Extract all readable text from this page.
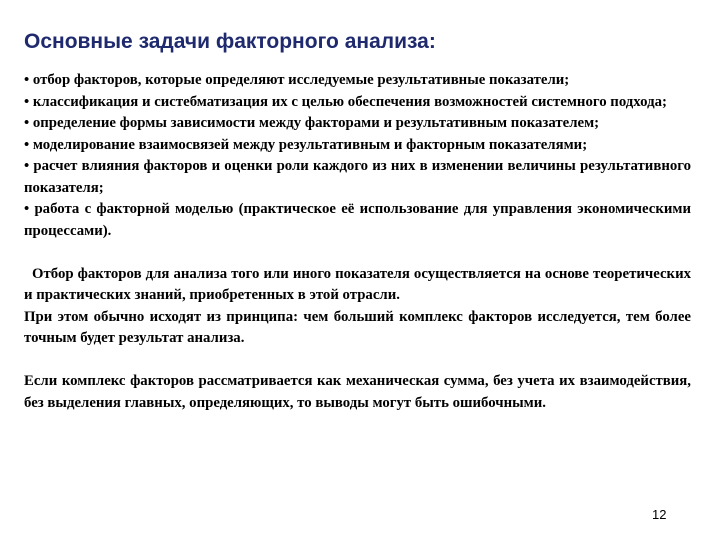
Основные задачи факторного анализа:
• отбор факторов, которые определяют исследуемые результативные показатели;
• классификация и систебматизация их с целью обеспечения возможностей системного подхода;
• определение формы зависимости между факторами и результативным показателем;
• моделирование взаимосвязей между результативным и факторным показателями;
• расчет влияния факторов и оценки роли каждого из них в изменении величины результативного показателя;
• работа с факторной моделью (практическое её использование для управления экономическими процессами).

Отбор факторов для анализа того или иного показателя осуществляется на основе теоретических и практических знаний, приобретенных в этой отрасли.

При этом обычно исходят из принципа: чем больший комплекс факторов исследуется, тем более точным будет результат анализа.

Если комплекс факторов рассматривается как механическая сумма, без учета их взаимодействия, без выделения главных, определяющих, то выводы могут быть ошибочными.

12
